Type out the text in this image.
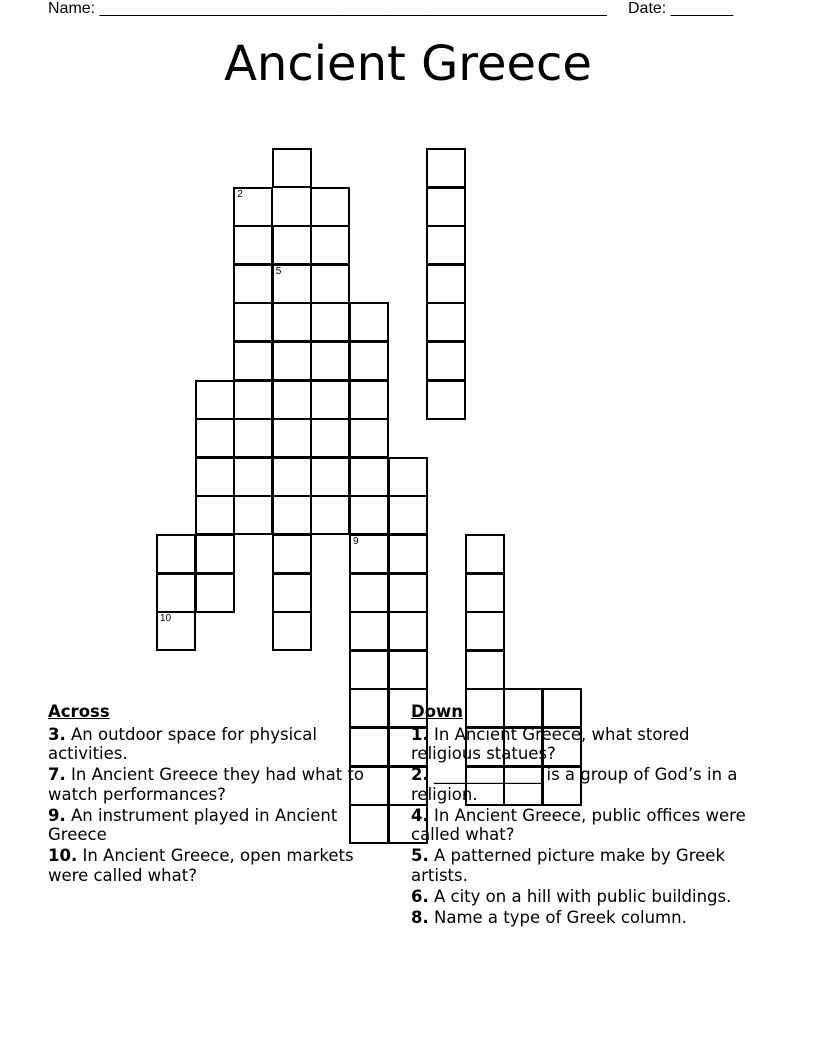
Name: _________________________________________________________ Date: _______
Ancient Greece
5
9
2
10
Across
3. An outdoor space for physical activities.
7. In Ancient Greece they had what to watch performances?
9. An instrument played in Ancient Greece
10. In Ancient Greece, open markets were called what?
Down
1. In Ancient Greece, what stored religious statues?
2. _____________ is a group of God’s in a religion.
4. In Ancient Greece, public offices were called what?
5. A patterned picture make by Greek artists.
6. A city on a hill with public buildings.
8. Name a type of Greek column.
